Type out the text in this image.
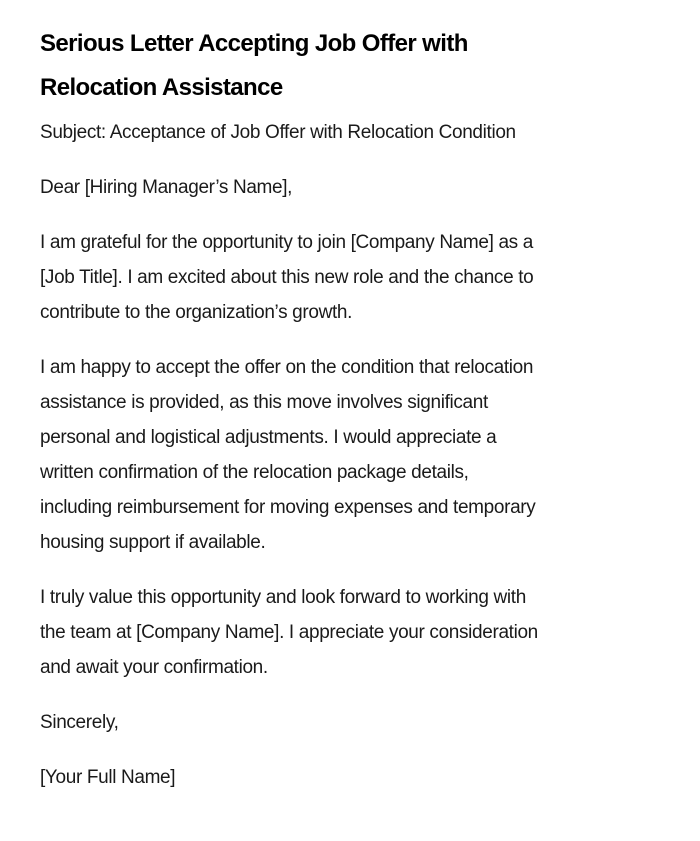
Serious Letter Accepting Job Offer with
Relocation Assistance

Subject: Acceptance of Job Offer with Relocation Condition

Dear [Hiring Manager’s Name],

I am grateful for the opportunity to join [Company Name] as a
[Job Title]. I am excited about this new role and the chance to
contribute to the organization’s growth.

I am happy to accept the offer on the condition that relocation
assistance is provided, as this move involves significant
personal and logistical adjustments. I would appreciate a
written confirmation of the relocation package details,
including reimbursement for moving expenses and temporary
housing support if available.

I truly value this opportunity and look forward to working with
the team at [Company Name]. I appreciate your consideration
and await your confirmation.

Sincerely,

[Your Full Name]
